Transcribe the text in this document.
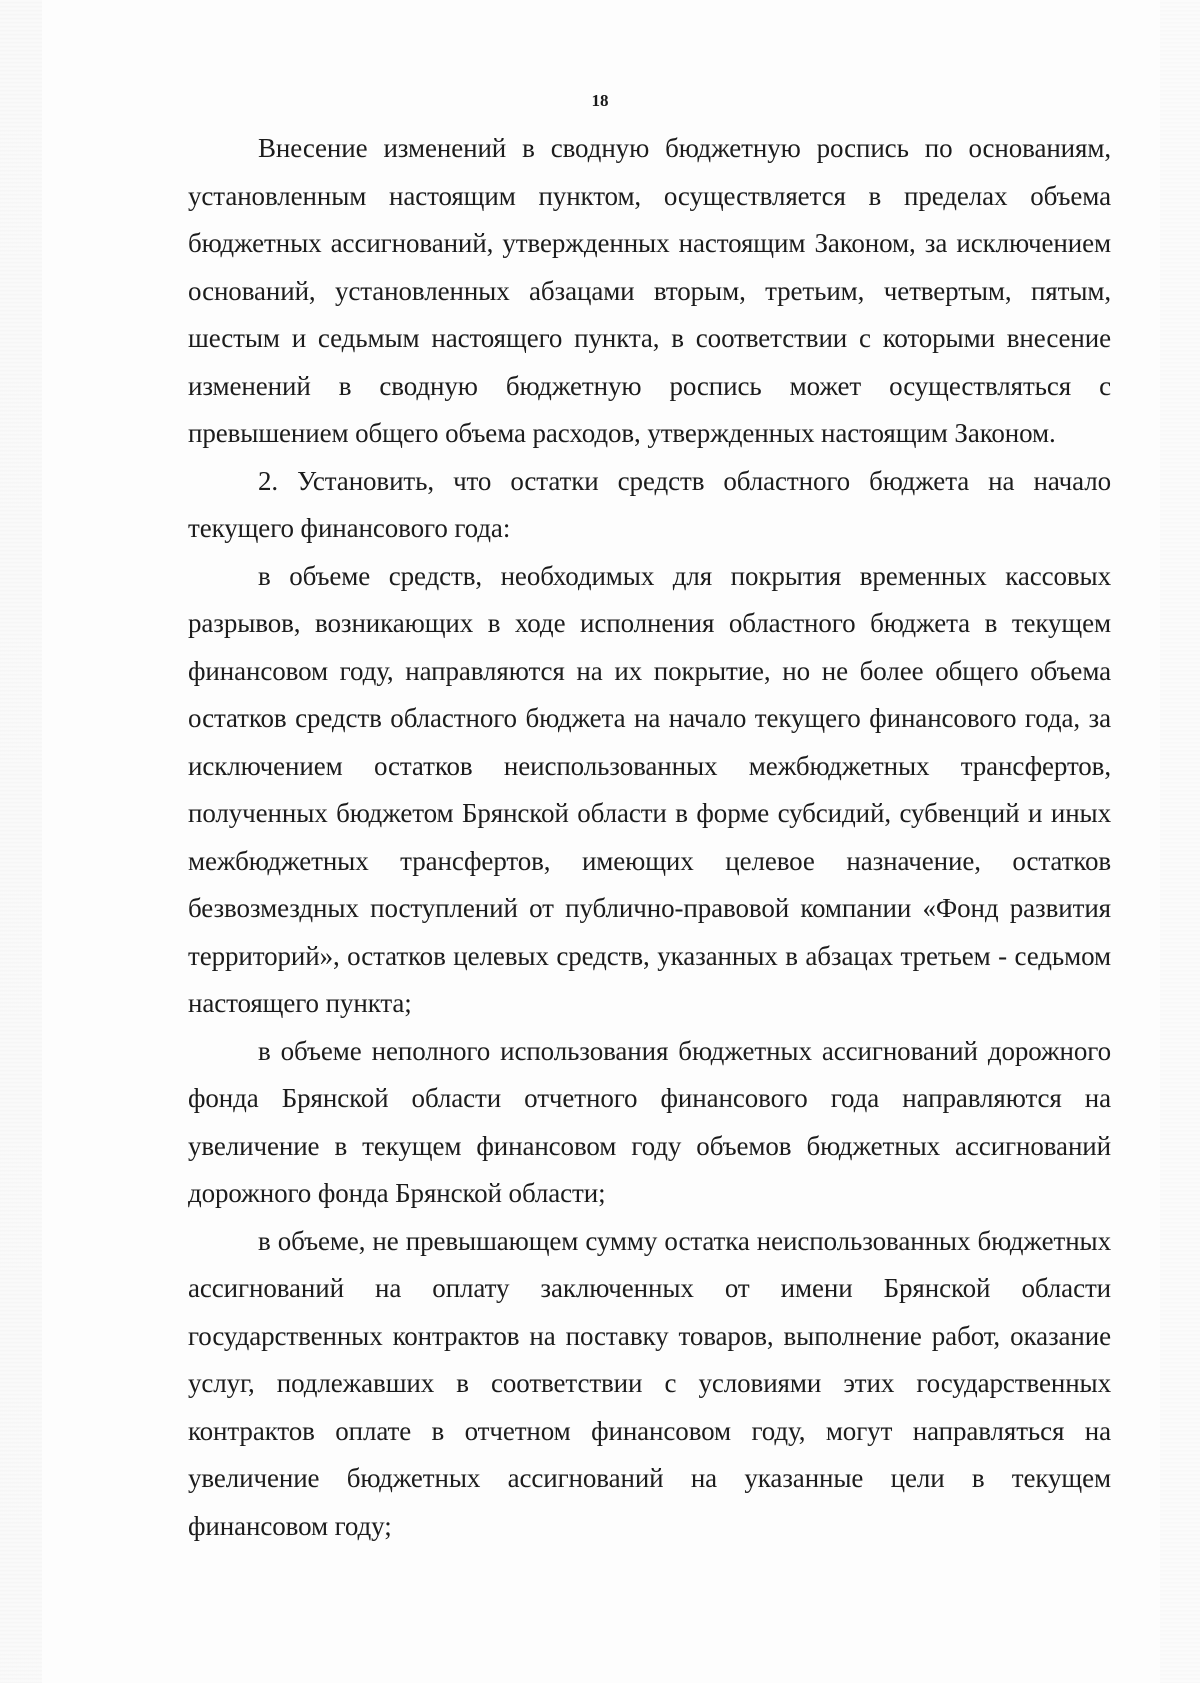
18

Внесение изменений в сводную бюджетную роспись по основаниям, установленным настоящим пунктом, осуществляется в пределах объема бюджетных ассигнований, утвержденных настоящим Законом, за исключением оснований, установленных абзацами вторым, третьим, четвертым, пятым, шестым и седьмым настоящего пункта, в соответствии с которыми внесение изменений в сводную бюджетную роспись может осуществляться с превышением общего объема расходов, утвержденных настоящим Законом.

2. Установить, что остатки средств областного бюджета на начало текущего финансового года:

в объеме средств, необходимых для покрытия временных кассовых разрывов, возникающих в ходе исполнения областного бюджета в текущем финансовом году, направляются на их покрытие, но не более общего объема остатков средств областного бюджета на начало текущего финансового года, за исключением остатков неиспользованных межбюджетных трансфертов, полученных бюджетом Брянской области в форме субсидий, субвенций и иных межбюджетных трансфертов, имеющих целевое назначение, остатков безвозмездных поступлений от публично-правовой компании «Фонд развития территорий», остатков целевых средств, указанных в абзацах третьем - седьмом настоящего пункта;

в объеме неполного использования бюджетных ассигнований дорожного фонда Брянской области отчетного финансового года направляются на увеличение в текущем финансовом году объемов бюджетных ассигнований дорожного фонда Брянской области;

в объеме, не превышающем сумму остатка неиспользованных бюджетных ассигнований на оплату заключенных от имени Брянской области государственных контрактов на поставку товаров, выполнение работ, оказание услуг, подлежавших в соответствии с условиями этих государственных контрактов оплате в отчетном финансовом году, могут направляться на увеличение бюджетных ассигнований на указанные цели в текущем финансовом году;
